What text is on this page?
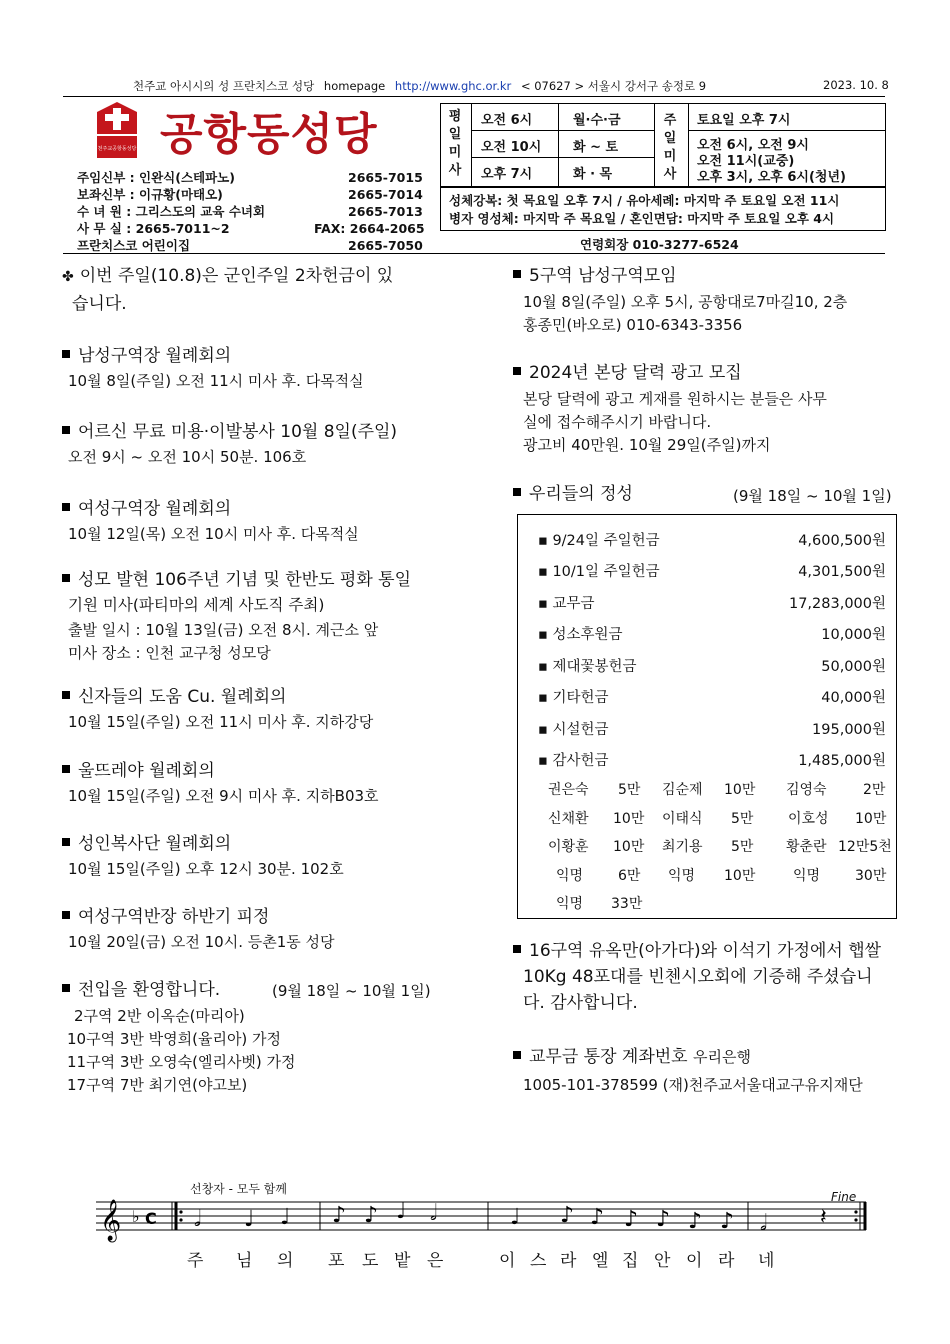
천주교 아시시의 성 프란치스코 성당 homepage http://www.ghc.or.kr < 07627 > 서울시 강서구 송정로 9	2023. 10. 8
천주교공항동성당 공항동성당
주임신부 : 인완식(스테파노)	2665-7015
보좌신부 : 이규황(마태오)	2665-7014
수 녀 원 : 그리스도의 교육 수녀회	2665-7013
사 무 실 : 2665-7011~2	FAX: 2664-2065
프란치스코 어린이집	2665-7050
평일미사
오전 6시	월·수·금
오전 10시 화 ~ 토
오후 7시	화 · 목
주일미사
토요일 오후 7시
오전 6시, 오전 9시
오전 11시(교중)
오후 3시, 오후 6시(청년)
성체강복: 첫 목요일 오후 7시 / 유아세례: 마지막 주 토요일 오전 11시
병자 영성체: 마지막 주 목요일 / 혼인면담: 마지막 주 토요일 오후 4시
연령회장 010-3277-6524
✤ 이번 주일(10.8)은 군인주일 2차헌금이 있
습니다.
남성구역장 월례회의
10월 8일(주일) 오전 11시 미사 후. 다목적실
어르신 무료 미용·이발봉사 10월 8일(주일)
오전 9시 ~ 오전 10시 50분. 106호
여성구역장 월례회의
10월 12일(목) 오전 10시 미사 후. 다목적실
성모 발현 106주년 기념 및 한반도 평화 통일
기원 미사(파티마의 세계 사도직 주최)
출발 일시 : 10월 13일(금) 오전 8시. 계근소 앞
미사 장소 : 인천 교구청 성모당
신자들의 도움 Cu. 월례회의
10월 15일(주일) 오전 11시 미사 후. 지하강당
울뜨레야 월례회의
10월 15일(주일) 오전 9시 미사 후. 지하B03호
성인복사단 월례회의
10월 15일(주일) 오후 12시 30분. 102호
여성구역반장 하반기 피정
10월 20일(금) 오전 10시. 등촌1동 성당
전입을 환영합니다.	(9월 18일 ~ 10월 1일)
2구역 2반 이옥순(마리아)
10구역 3반 박영희(율리아) 가정
11구역 3반 오영숙(엘리사벳) 가정
17구역 7반 최기연(야고보)
5구역 남성구역모임
10월 8일(주일) 오후 5시, 공항대로7마길10, 2층
홍종민(바오로) 010-6343-3356
2024년 본당 달력 광고 모집
본당 달력에 광고 게재를 원하시는 분들은 사무
실에 접수해주시기 바랍니다.
광고비 40만원. 10월 29일(주일)까지
우리들의 정성	(9월 18일 ~ 10월 1일)
▪ 9/24일 주일헌금	4,600,500원
▪ 10/1일 주일헌금	4,301,500원
▪ 교무금	17,283,000원
▪ 성소후원금	10,000원
▪ 제대꽃봉헌금	50,000원
▪ 기타헌금	40,000원
▪ 시설헌금	195,000원
▪ 감사헌금	1,485,000원
권은숙 5만 김순제 10만 김영숙	2만
신채환 10만 이태식 5만 이호성 10만
이황훈 10만 최기용 5만 황춘란 12만5천
익명 6만 익명 10만	익명 30만
익명 33만
16구역 유옥만(아가다)와 이석기 가정에서 햅쌀
10Kg 48포대를 빈첸시오회에 기증해 주셨습니
다. 감사합니다.
교무금 통장 계좌번호 우리은행
1005-101-378599 (재)천주교서울대교구유지재단
선창자 - 모두 함께
Fine
𝄞 ♭ C 𝅗𝅥 ♩ ♩ ♪ ♪ ♩ 𝅗𝅥	♩ ♪ ♪ ♪ ♪ ♪ ♪ 𝅗𝅥 𝄽
주 님 의 포 도 밭 은	이 스 라 엘 집 안 이 라 네
